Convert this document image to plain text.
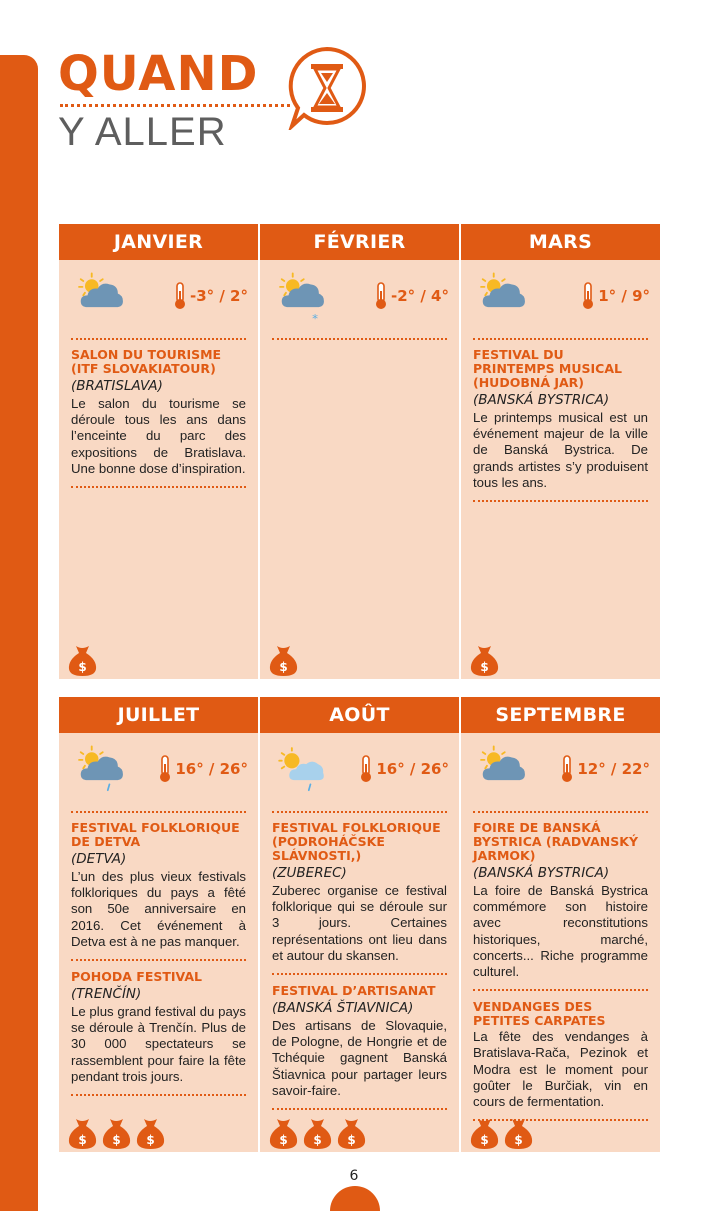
QUAND
Y ALLER
JANVIER
-3° / 2°
SALON DU TOURISME (ITF SLOVAKIATOUR)
(BRATISLAVA)
Le salon du tourisme se déroule tous les ans dans l’enceinte du parc des expositions de Bratislava. Une bonne dose d’inspiration.
$
FÉVRIER
*
-2° / 4°
$
MARS
1° / 9°
FESTIVAL DU PRINTEMPS MUSICAL (HUDOBNÁ JAR)
(BANSKÁ BYSTRICA)
Le printemps musical est un événement majeur de la ville de Banská Bystrica. De grands artistes s’y produisent tous les ans.
$
JUILLET
16° / 26°
FESTIVAL FOLKLORIQUE DE DETVA
(DETVA)
L’un des plus vieux festivals folkloriques du pays a fêté son 50e anniversaire en 2016. Cet événement à Detva est à ne pas manquer.
POHODA FESTIVAL
(TRENČÍN)
Le plus grand festival du pays se déroule à Trenčín. Plus de 30 000 spectateurs se rassemblent pour faire la fête pendant trois jours.
$ $ $
AOÛT
16° / 26°
FESTIVAL FOLKLORIQUE (PODROHÁČSKE SLÁVNOSTI,)
(ZUBEREC)
Zuberec organise ce festival folklorique qui se déroule sur 3 jours. Certaines représentations ont lieu dans et autour du skansen.
FESTIVAL D’ARTISANAT
(BANSKÁ ŠTIAVNICA)
Des artisans de Slovaquie, de Pologne, de Hongrie et de Tchéquie gagnent Banská Štiavnica pour partager leurs savoir-faire.
$ $ $
SEPTEMBRE
12° / 22°
FOIRE DE BANSKÁ BYSTRICA (RADVANSKÝ JARMOK)
(BANSKÁ BYSTRICA)
La foire de Banská Bystrica commémore son histoire avec reconstitutions historiques, marché, concerts... Riche programme culturel.
VENDANGES DES PETITES CARPATES
La fête des vendanges à Bratislava-Rača, Pezinok et Modra est le moment pour goûter le Burčiak, vin en cours de fermentation.
$ $
6
